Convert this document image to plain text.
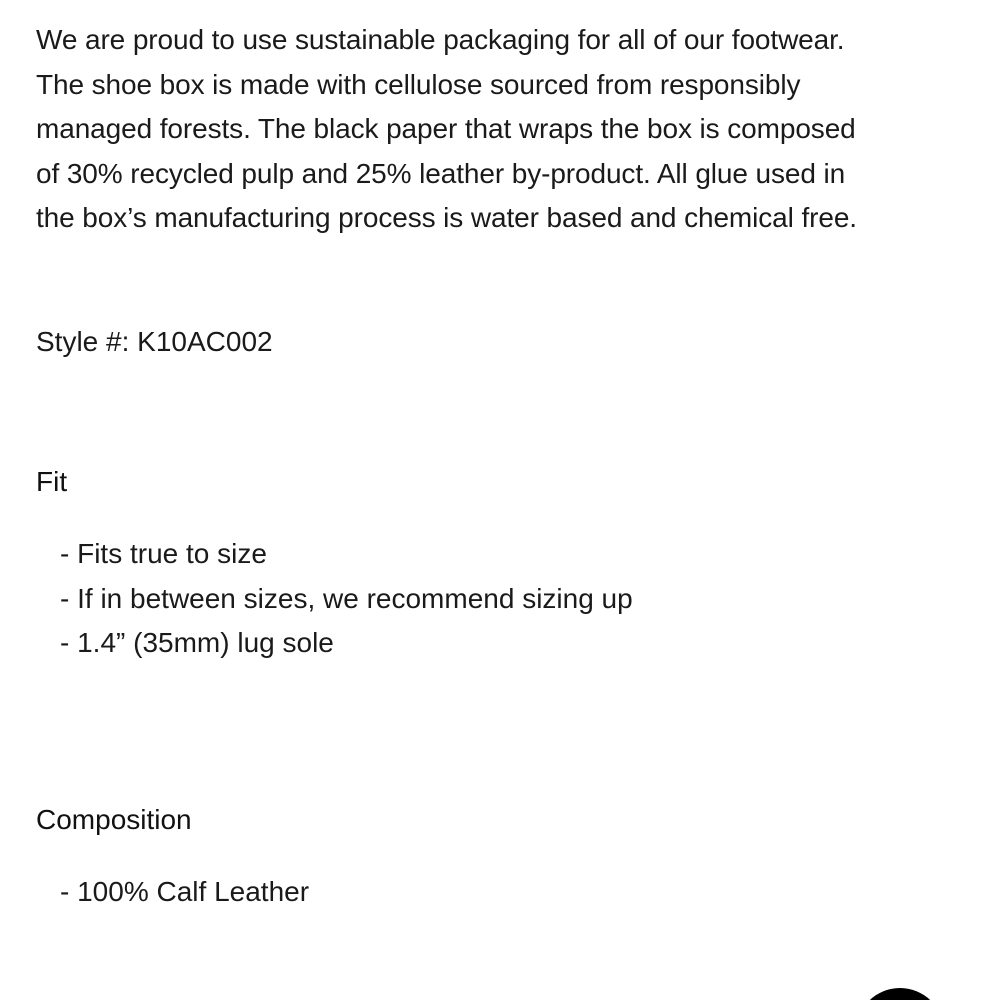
We are proud to use sustainable packaging for all of our footwear.
The shoe box is made with cellulose sourced from responsibly
managed forests. The black paper that wraps the box is composed
of 30% recycled pulp and 25% leather by-product. All glue used in
the box’s manufacturing process is water based and chemical free.

Style #: K10AC002
Fit
- Fits true to size
- If in between sizes, we recommend sizing up
- 1.4” (35mm) lug sole
Composition
- 100% Calf Leather
